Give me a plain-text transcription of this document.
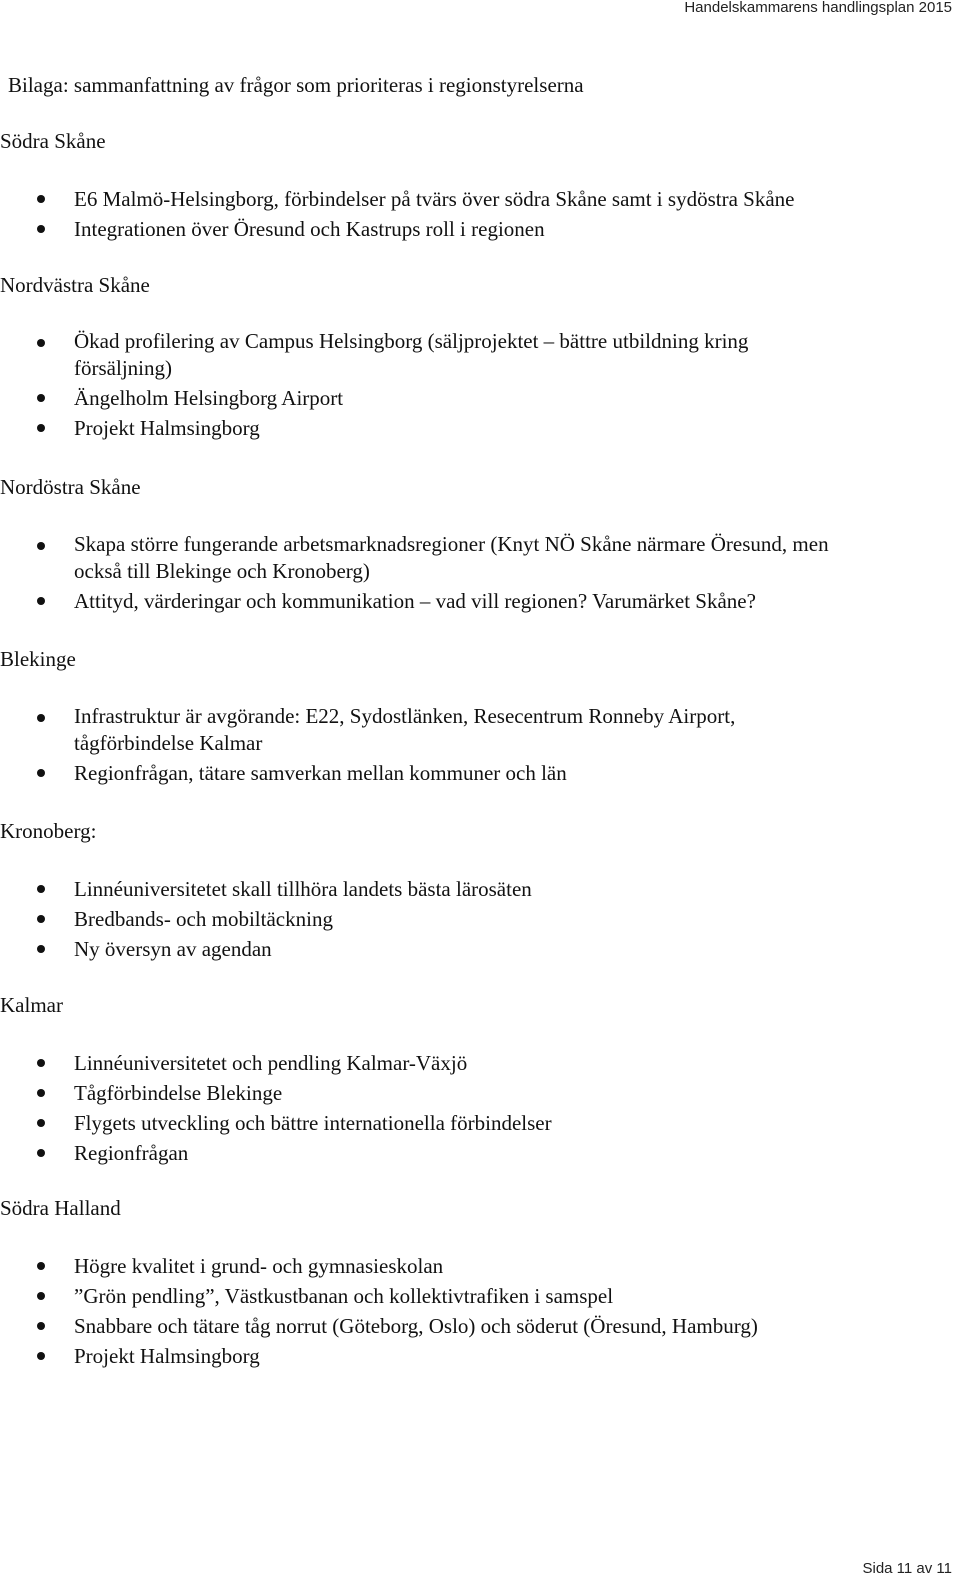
Handelskammarens handlingsplan 2015

Bilaga: sammanfattning av frågor som prioriteras i regionstyrelserna

Södra Skåne

E6 Malmö-Helsingborg, förbindelser på tvärs över södra Skåne samt i sydöstra Skåne
Integrationen över Öresund och Kastrups roll i regionen

Nordvästra Skåne

Ökad profilering av Campus Helsingborg (säljprojektet – bättre utbildning kring
försäljning)
Ängelholm Helsingborg Airport
Projekt Halmsingborg

Nordöstra Skåne

Skapa större fungerande arbetsmarknadsregioner (Knyt NÖ Skåne närmare Öresund, men
också till Blekinge och Kronoberg)
Attityd, värderingar och kommunikation – vad vill regionen? Varumärket Skåne?

Blekinge

Infrastruktur är avgörande: E22, Sydostlänken, Resecentrum Ronneby Airport,
tågförbindelse Kalmar
Regionfrågan, tätare samverkan mellan kommuner och län

Kronoberg:

Linnéuniversitetet skall tillhöra landets bästa lärosäten
Bredbands- och mobiltäckning
Ny översyn av agendan

Kalmar

Linnéuniversitetet och pendling Kalmar-Växjö
Tågförbindelse Blekinge
Flygets utveckling och bättre internationella förbindelser
Regionfrågan

Södra Halland

Högre kvalitet i grund- och gymnasieskolan
”Grön pendling”, Västkustbanan och kollektivtrafiken i samspel
Snabbare och tätare tåg norrut (Göteborg, Oslo) och söderut (Öresund, Hamburg)
Projekt Halmsingborg
Sida 11 av 11
